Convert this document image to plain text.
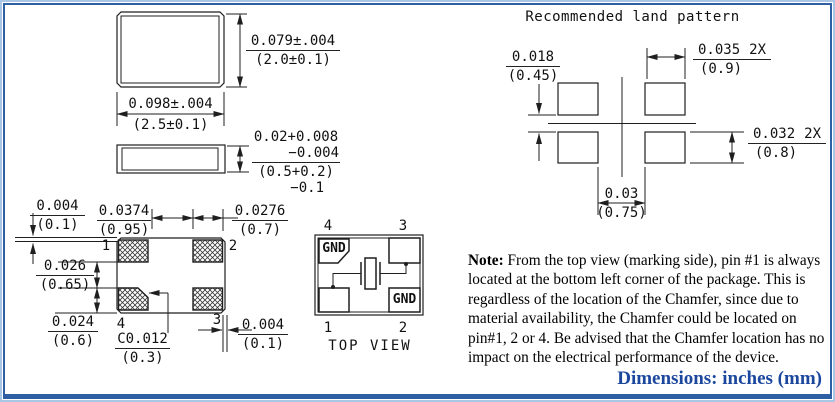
$\frac{0.079\pm.004}{(2.0\pm 0.1)}$
0.098±.004
(2.5±0.1)
0.02+0.008
−0.004
(0.5+0.2)
−0.1
$\frac{0.004}{(0.1)} \frac{0.0374}{(0.95)}$	$\frac{0.0276}{(0.7)}$
$\frac{0.026}{(0.65)}$
$\frac{0.024}{(0.6)} \frac{C0.012}{(0.3)}$	$\frac{0.004}{(0.1)}$
1	2
4	3
4	3
1	2
GND
GND
TOP VIEW
Recommended land pattern
$\frac{0.018}{(0.45)}$	$\frac{0.035 2X}{(0.9)}$
$\frac{0.032 2X}{(0.8)}$
0.03
(0.75)
Note: From the top view (marking side), pin #1 is always
located at the bottom left corner of the package. This is
regardless of the location of the Chamfer, since due to
material availability, the Chamfer could be located on
pin#1, 2 or 4. Be advised that the Chamfer location has no
impact on the electrical performance of the device.
Dimensions: inches (mm)
